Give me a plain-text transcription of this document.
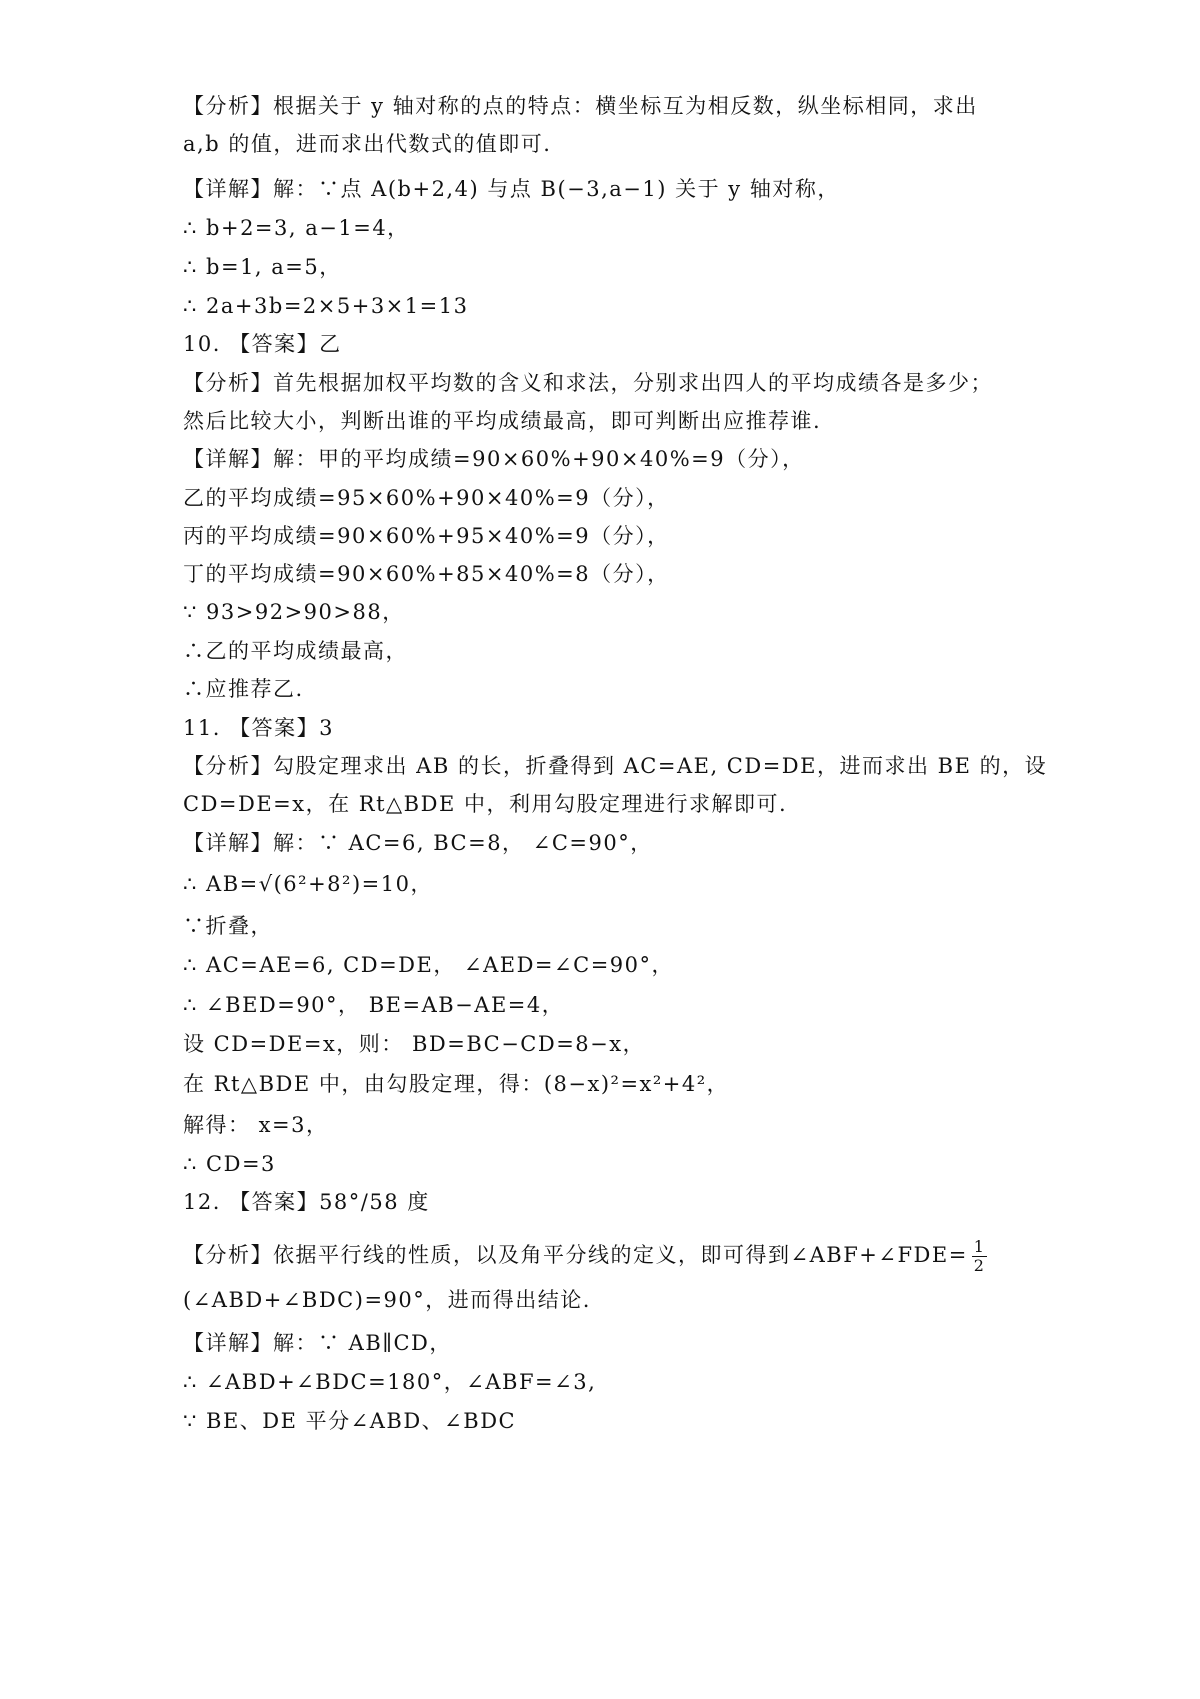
【分析】根据关于 y 轴对称的点的特点：横坐标互为相反数，纵坐标相同，求出
a,b 的值，进而求出代数式的值即可.
【详解】解：∵点 A(b+2,4) 与点 B(−3,a−1) 关于 y 轴对称，
∴ b+2=3, a−1=4，
∴ b=1, a=5，
∴ 2a+3b=2×5+3×1=13
10. 【答案】乙
【分析】首先根据加权平均数的含义和求法，分别求出四人的平均成绩各是多少；
然后比较大小，判断出谁的平均成绩最高，即可判断出应推荐谁.
【详解】解：甲的平均成绩=90×60%+90×40%=9（分），
乙的平均成绩=95×60%+90×40%=9（分），
丙的平均成绩=90×60%+95×40%=9（分），
丁的平均成绩=90×60%+85×40%=8（分），
∵ 93>92>90>88，
∴乙的平均成绩最高，
∴应推荐乙.
11. 【答案】3
【分析】勾股定理求出 AB 的长，折叠得到 AC=AE, CD=DE，进而求出 BE 的，设
CD=DE=x，在 Rt△BDE 中，利用勾股定理进行求解即可.
【详解】解：∵ AC=6, BC=8， ∠C=90°，
∴ AB=√(6²+8²)=10，
∵折叠，
∴ AC=AE=6, CD=DE， ∠AED=∠C=90°，
∴ ∠BED=90°， BE=AB−AE=4，
设 CD=DE=x，则： BD=BC−CD=8−x，
在 Rt△BDE 中，由勾股定理，得：(8−x)²=x²+4²，
解得： x=3，
∴ CD=3
12. 【答案】58°/58 度
【分析】依据平行线的性质，以及角平分线的定义，即可得到∠ABF+∠FDE= $\frac{1}{2}$
(∠ABD+∠BDC)=90°，进而得出结论.
【详解】解：∵ AB∥CD，
∴ ∠ABD+∠BDC=180°，∠ABF=∠3,
∵ BE、DE 平分∠ABD、∠BDC
